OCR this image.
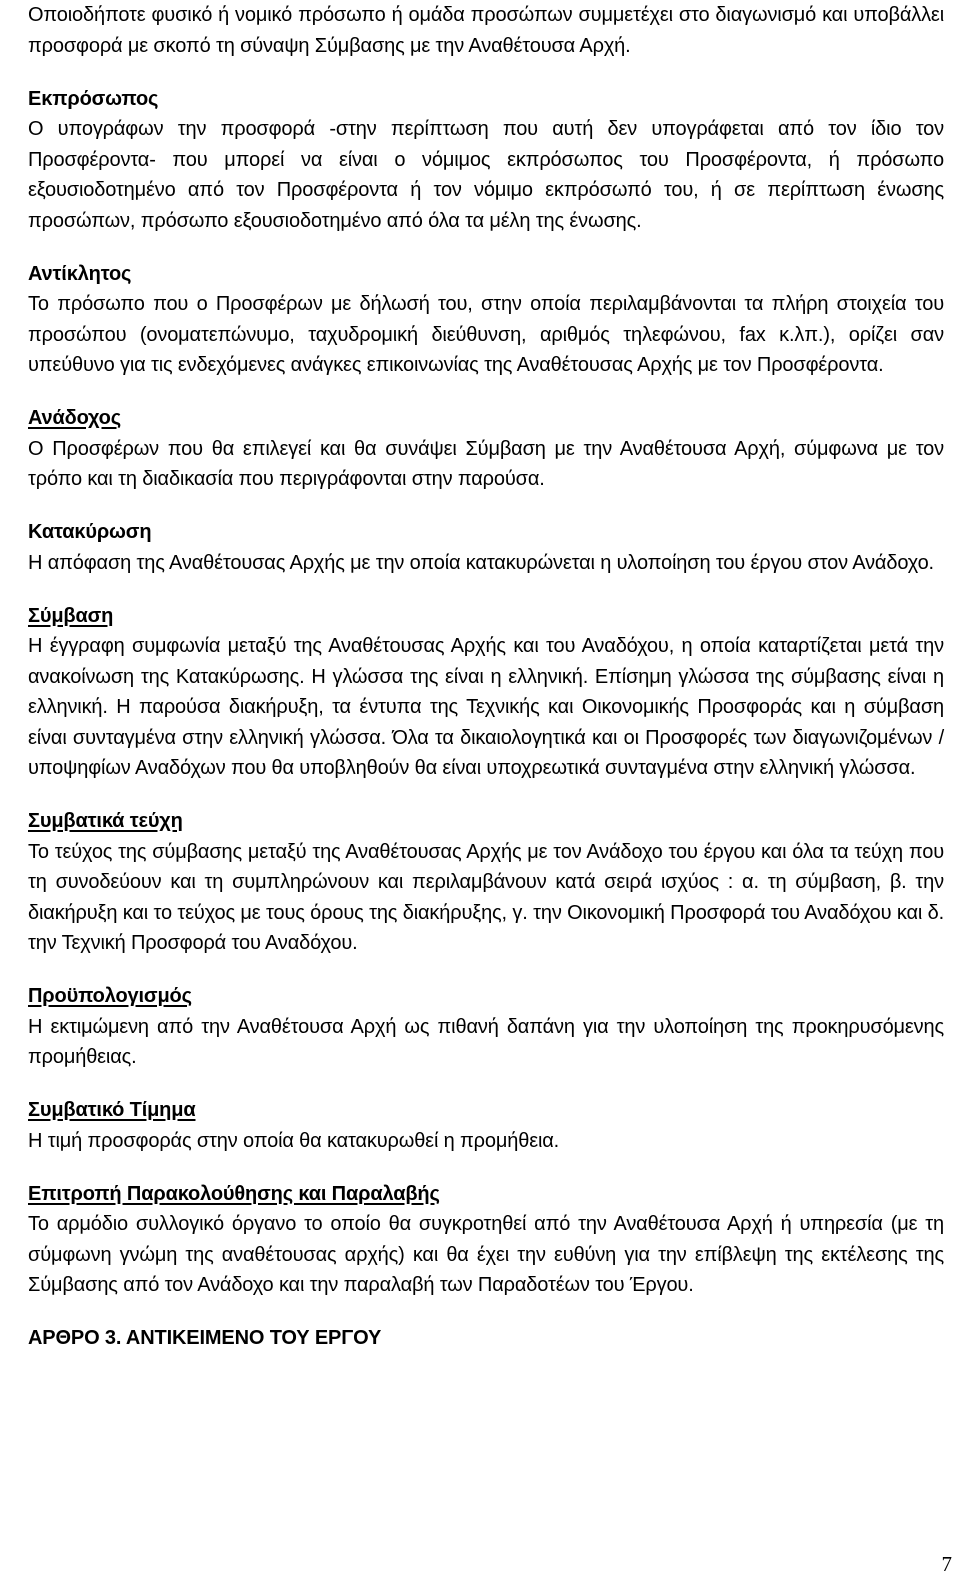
Οποιοδήποτε φυσικό ή νομικό πρόσωπο ή ομάδα προσώπων συμμετέχει στο διαγωνισμό και υποβάλλει προσφορά με σκοπό τη σύναψη Σύμβασης με την Αναθέτουσα Αρχή.

Εκπρόσωπος

Ο υπογράφων την προσφορά -στην περίπτωση που αυτή δεν υπογράφεται από τον ίδιο τον Προσφέροντα- που μπορεί να είναι ο νόμιμος εκπρόσωπος του Προσφέροντα, ή πρόσωπο εξουσιοδοτημένο από τον Προσφέροντα ή τον νόμιμο εκπρόσωπό του, ή σε περίπτωση ένωσης προσώπων, πρόσωπο εξουσιοδοτημένο από όλα τα μέλη της ένωσης.

Αντίκλητος

Το πρόσωπο που ο Προσφέρων με δήλωσή του, στην οποία περιλαμβάνονται τα πλήρη στοιχεία του προσώπου (ονοματεπώνυμο, ταχυδρομική διεύθυνση, αριθμός τηλεφώνου, fax κ.λπ.), ορίζει σαν υπεύθυνο για τις ενδεχόμενες ανάγκες επικοινωνίας της Αναθέτουσας Αρχής με τον Προσφέροντα.

Ανάδοχος

Ο Προσφέρων που θα επιλεγεί και θα συνάψει Σύμβαση με την Αναθέτουσα Αρχή, σύμφωνα με τον τρόπο και τη διαδικασία που περιγράφονται στην παρούσα.

Κατακύρωση

Η απόφαση της Αναθέτουσας Αρχής με την οποία κατακυρώνεται η υλοποίηση του έργου στον Ανάδοχο.

Σύμβαση

Η έγγραφη συμφωνία μεταξύ της Αναθέτουσας Αρχής και του Αναδόχου, η οποία καταρτίζεται μετά την ανακοίνωση της Κατακύρωσης. Η γλώσσα της είναι η ελληνική. Επίσημη γλώσσα της σύμβασης είναι η ελληνική. Η παρούσα διακήρυξη, τα έντυπα της Τεχνικής και Οικονομικής Προσφοράς και η σύμβαση είναι συνταγμένα στην ελληνική γλώσσα. Όλα τα δικαιολογητικά και οι Προσφορές των διαγωνιζομένων / υποψηφίων Αναδόχων που θα υποβληθούν θα είναι υποχρεωτικά συνταγμένα στην ελληνική γλώσσα.

Συμβατικά τεύχη

Το τεύχος της σύμβασης μεταξύ της Αναθέτουσας Αρχής με τον Ανάδοχο του έργου και όλα τα τεύχη που τη συνοδεύουν και τη συμπληρώνουν και περιλαμβάνουν κατά σειρά ισχύος : α. τη σύμβαση, β. την διακήρυξη και το τεύχος με τους όρους της διακήρυξης, γ. την Οικονομική Προσφορά του Αναδόχου και δ. την Τεχνική Προσφορά του Αναδόχου.

Προϋπολογισμός

Η εκτιμώμενη από την Αναθέτουσα Αρχή ως πιθανή δαπάνη για την υλοποίηση της προκηρυσόμενης προμήθειας.

Συμβατικό Τίμημα

Η τιμή προσφοράς στην οποία θα κατακυρωθεί η προμήθεια.

Επιτροπή Παρακολούθησης και Παραλαβής

Το αρμόδιο συλλογικό όργανο το οποίο θα συγκροτηθεί από την Αναθέτουσα Αρχή ή υπηρεσία (με τη σύμφωνη γνώμη της αναθέτουσας αρχής) και θα έχει την ευθύνη για την επίβλεψη της εκτέλεσης της Σύμβασης από τον Ανάδοχο και την παραλαβή των Παραδοτέων του Έργου.

ΑΡΘΡΟ 3. ΑΝΤΙΚΕΙΜΕΝΟ ΤΟΥ ΕΡΓΟΥ

7
